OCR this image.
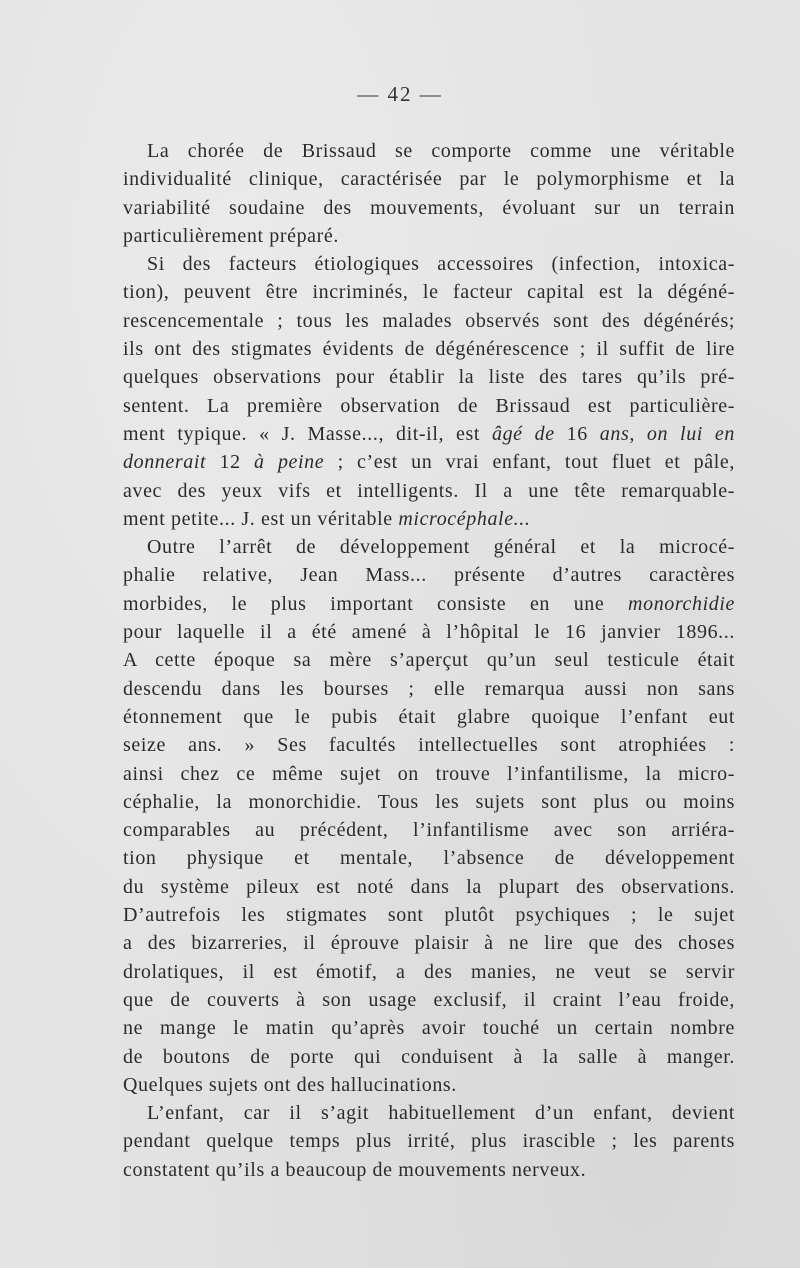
— 42 —
La chorée de Brissaud se comporte comme une véritable
individualité clinique, caractérisée par le polymorphisme et la
variabilité soudaine des mouvements, évoluant sur un terrain
particulièrement préparé.
Si des facteurs étiologiques accessoires (infection, intoxica-
tion), peuvent être incriminés, le facteur capital est la dégéné-
rescencementale ; tous les malades observés sont des dégénérés;
ils ont des stigmates évidents de dégénérescence ; il suffit de lire
quelques observations pour établir la liste des tares qu’ils pré-
sentent. La première observation de Brissaud est particulière-
ment typique. « J. Masse..., dit-il, est âgé de 16 ans, on lui en
donnerait 12 à peine ; c’est un vrai enfant, tout fluet et pâle,
avec des yeux vifs et intelligents. Il a une tête remarquable-
ment petite... J. est un véritable microcéphale...
Outre l’arrêt de développement général et la microcé-
phalie relative, Jean Mass... présente d’autres caractères
morbides, le plus important consiste en une monorchidie
pour laquelle il a été amené à l’hôpital le 16 janvier 1896...
A cette époque sa mère s’aperçut qu’un seul testicule était
descendu dans les bourses ; elle remarqua aussi non sans
étonnement que le pubis était glabre quoique l’enfant eut
seize ans. » Ses facultés intellectuelles sont atrophiées :
ainsi chez ce même sujet on trouve l’infantilisme, la micro-
céphalie, la monorchidie. Tous les sujets sont plus ou moins
comparables au précédent, l’infantilisme avec son arriéra-
tion physique et mentale, l’absence de développement
du système pileux est noté dans la plupart des observations.
D’autrefois les stigmates sont plutôt psychiques ; le sujet
a des bizarreries, il éprouve plaisir à ne lire que des choses
drolatiques, il est émotif, a des manies, ne veut se servir
que de couverts à son usage exclusif, il craint l’eau froide,
ne mange le matin qu’après avoir touché un certain nombre
de boutons de porte qui conduisent à la salle à manger.
Quelques sujets ont des hallucinations.
L’enfant, car il s’agit habituellement d’un enfant, devient
pendant quelque temps plus irrité, plus irascible ; les parents
constatent qu’ils a beaucoup de mouvements nerveux.
